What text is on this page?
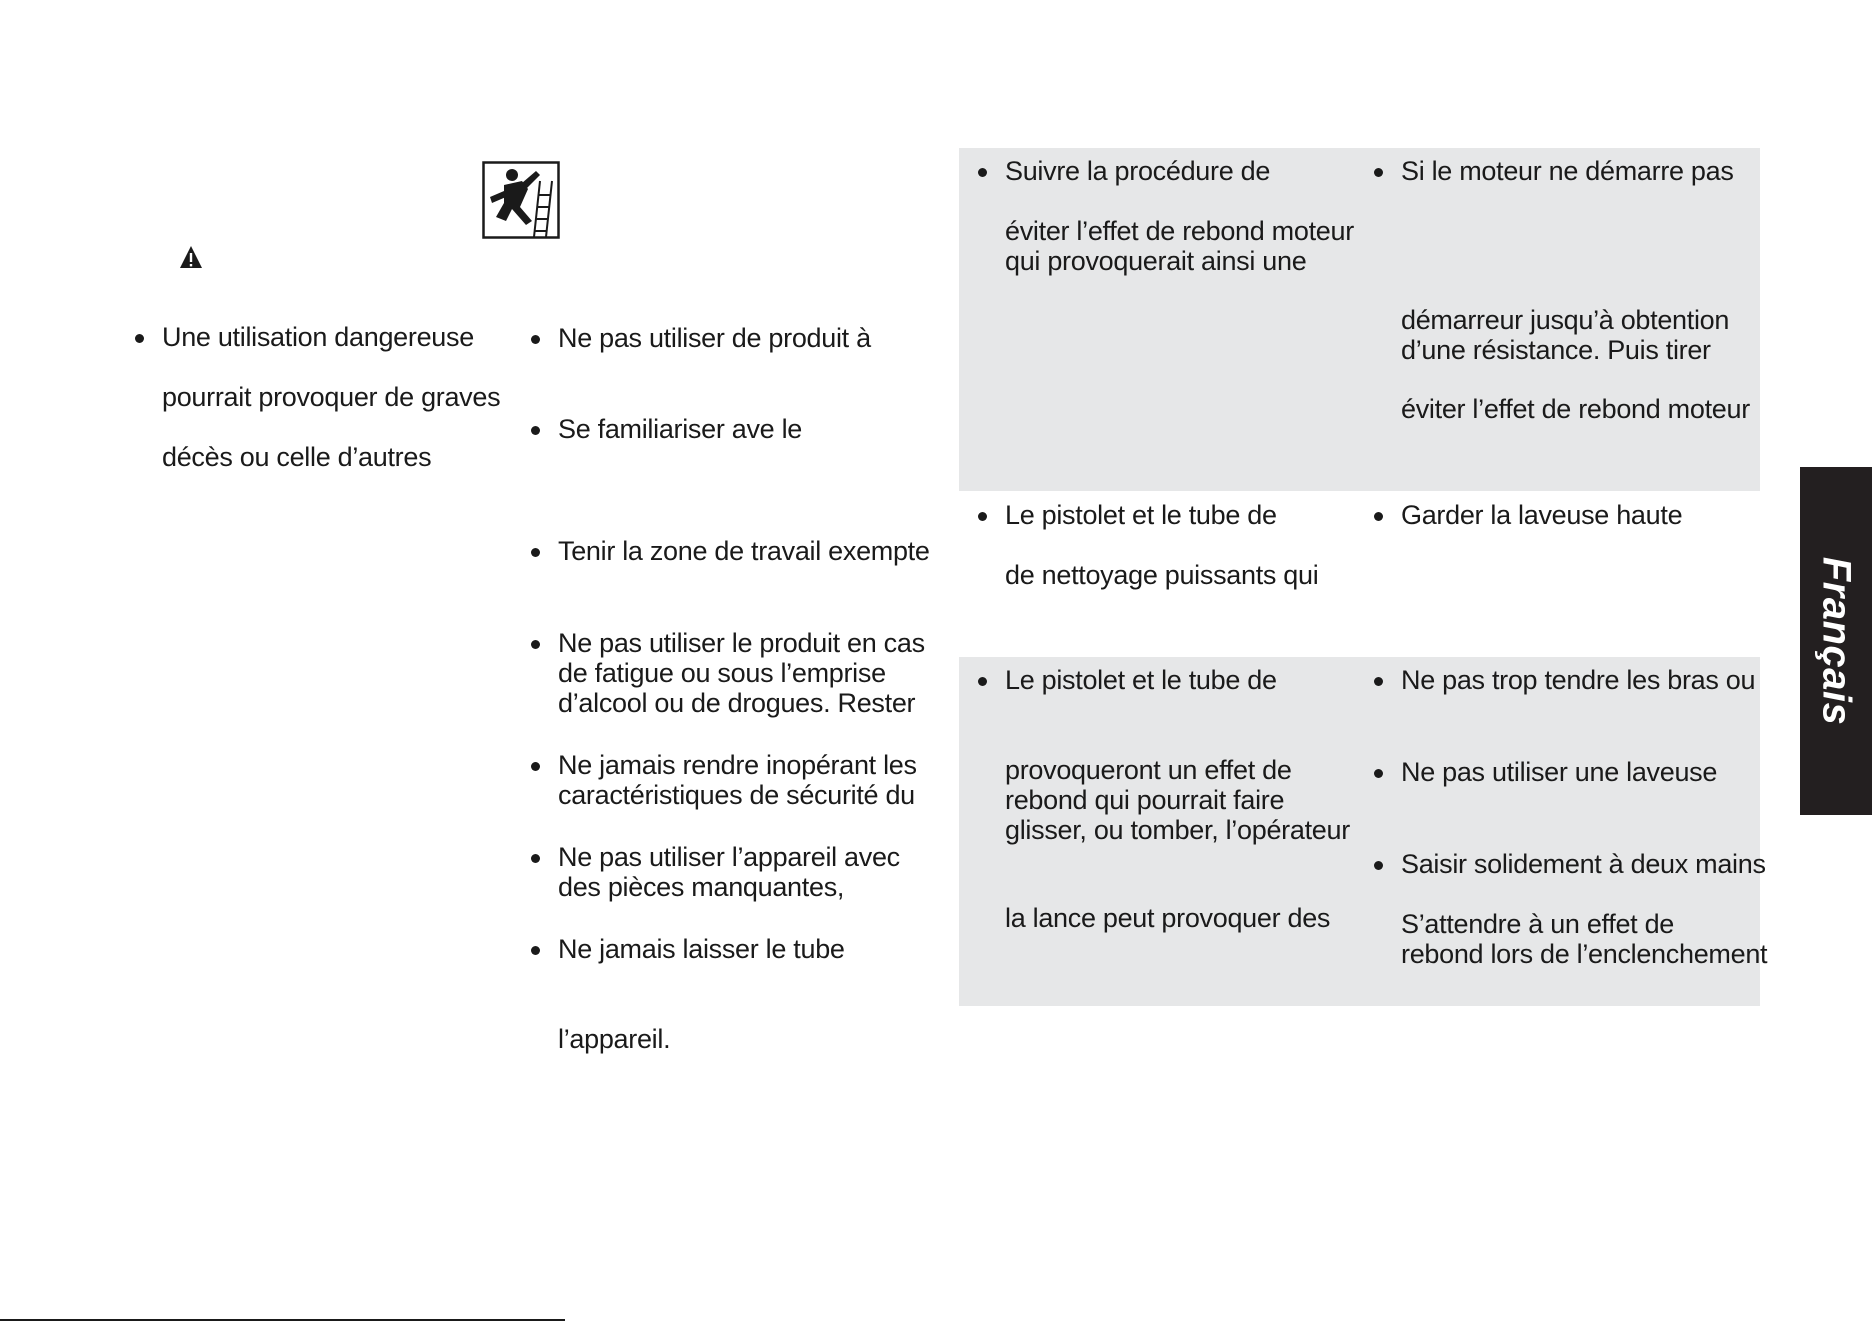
Une utilisation dangereuse
pourrait provoquer de graves
décès ou celle d’autres
Ne pas utiliser de produit à
Se familiariser ave le
Tenir la zone de travail exempte
Ne pas utiliser le produit en cas
de fatigue ou sous l’emprise
d’alcool ou de drogues. Rester
Ne jamais rendre inopérant les
caractéristiques de sécurité du
Ne pas utiliser l’appareil avec
des pièces manquantes,
Ne jamais laisser le tube
l’appareil.
Suivre la procédure de
éviter l’effet de rebond moteur
qui provoquerait ainsi une
Le pistolet et le tube de
de nettoyage puissants qui
Le pistolet et le tube de
provoqueront un effet de
rebond qui pourrait faire
glisser, ou tomber, l’opérateur
la lance peut provoquer des
Si le moteur ne démarre pas
démarreur jusqu’à obtention
d’une résistance. Puis tirer
éviter l’effet de rebond moteur
Garder la laveuse haute
Ne pas trop tendre les bras ou
Ne pas utiliser une laveuse
Saisir solidement à deux mains
S’attendre à un effet de
rebond lors de l’enclenchement
Français
